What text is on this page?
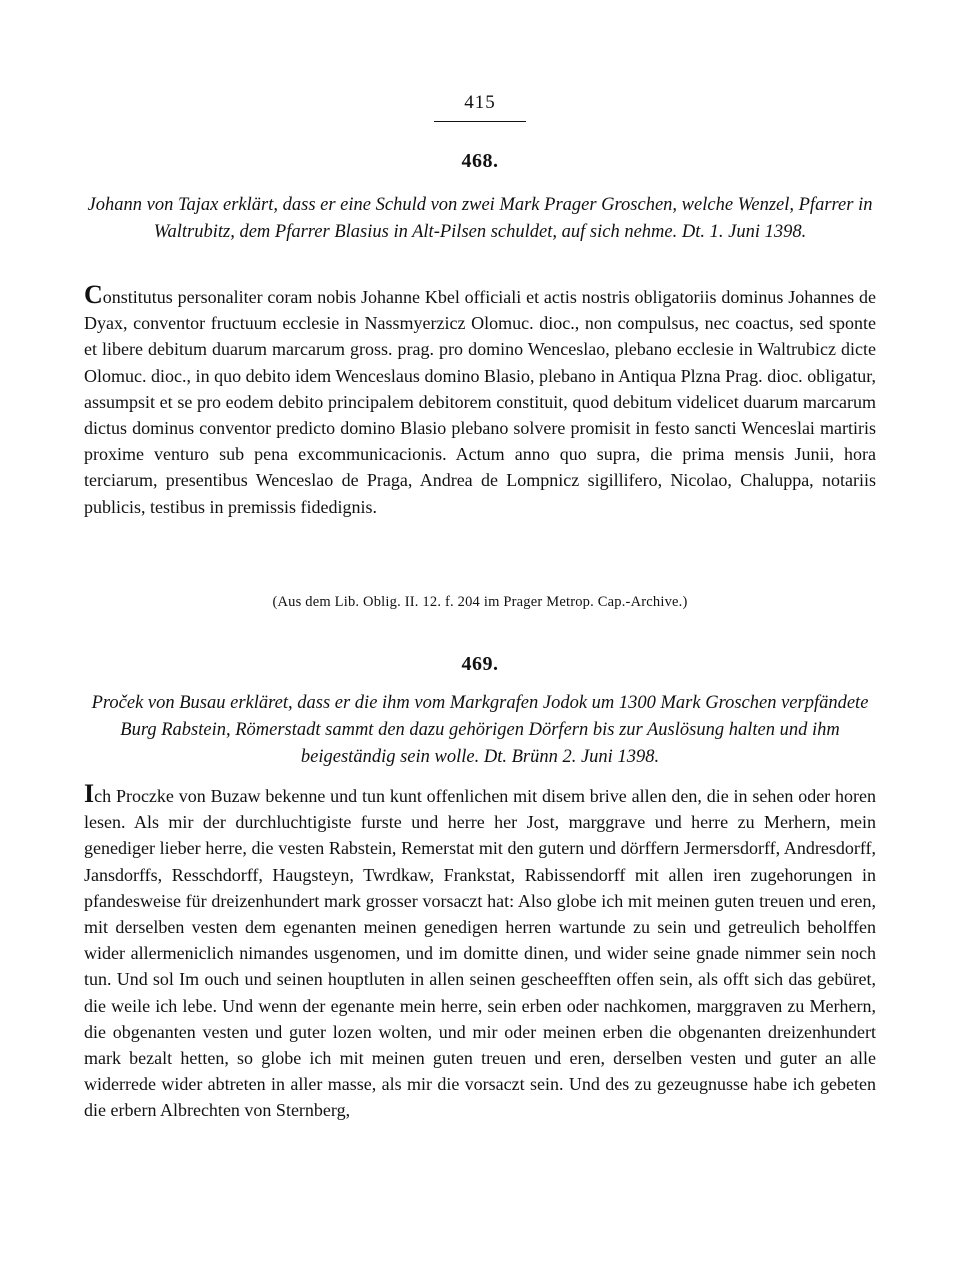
415
468.
Johann von Tajax erklärt, dass er eine Schuld von zwei Mark Prager Groschen, welche Wenzel, Pfarrer in Waltrubitz, dem Pfarrer Blasius in Alt-Pilsen schuldet, auf sich nehme. Dt. 1. Juni 1398.
Constitutus personaliter coram nobis Johanne Kbel officiali et actis nostris obligatoriis dominus Johannes de Dyax, conventor fructuum ecclesie in Nassmyerzicz Olomuc. dioc., non compulsus, nec coactus, sed sponte et libere debitum duarum marcarum gross. prag. pro domino Wenceslao, plebano ecclesie in Waltrubicz dicte Olomuc. dioc., in quo debito idem Wenceslaus domino Blasio, plebano in Antiqua Plzna Prag. dioc. obligatur, assumpsit et se pro eodem debito principalem debitorem constituit, quod debitum videlicet duarum marcarum dictus dominus conventor predicto domino Blasio plebano solvere promisit in festo sancti Wenceslai martiris proxime venturo sub pena excommunicacionis. Actum anno quo supra, die prima mensis Junii, hora terciarum, presentibus Wenceslao de Praga, Andrea de Lompnicz sigillifero, Nicolao, Chaluppa, notariis publicis, testibus in premissis fidedignis.
(Aus dem Lib. Oblig. II. 12. f. 204 im Prager Metrop. Cap.-Archive.)
469.
Proček von Busau erkläret, dass er die ihm vom Markgrafen Jodok um 1300 Mark Groschen verpfändete Burg Rabstein, Römerstadt sammt den dazu gehörigen Dörfern bis zur Auslösung halten und ihm beigeständig sein wolle. Dt. Brünn 2. Juni 1398.
Ich Proczke von Buzaw bekenne und tun kunt offenlichen mit disem brive allen den, die in sehen oder horen lesen. Als mir der durchluchtigiste furste und herre her Jost, marggrave und herre zu Merhern, mein genediger lieber herre, die vesten Rabstein, Remerstat mit den gutern und dörffern Jermersdorff, Andresdorff, Jansdorffs, Resschdorff, Haugsteyn, Twrdkaw, Frankstat, Rabissendorff mit allen iren zugehorungen in pfandesweise für dreizenhundert mark grosser vorsaczt hat: Also globe ich mit meinen guten treuen und eren, mit derselben vesten dem egenanten meinen genedigen herren wartunde zu sein und getreulich beholffen wider allermeniclich nimandes usgenomen, und im domitte dinen, und wider seine gnade nimmer sein noch tun. Und sol Im ouch und seinen houptluten in allen seinen gescheefften offen sein, als offt sich das gebüret, die weile ich lebe. Und wenn der egenante mein herre, sein erben oder nachkomen, marggraven zu Merhern, die obgenanten vesten und guter lozen wolten, und mir oder meinen erben die obgenanten dreizenhundert mark bezalt hetten, so globe ich mit meinen guten treuen und eren, derselben vesten und guter an alle widerrede wider abtreten in aller masse, als mir die vorsaczt sein. Und des zu gezeugnusse habe ich gebeten die erbern Albrechten von Sternberg,
